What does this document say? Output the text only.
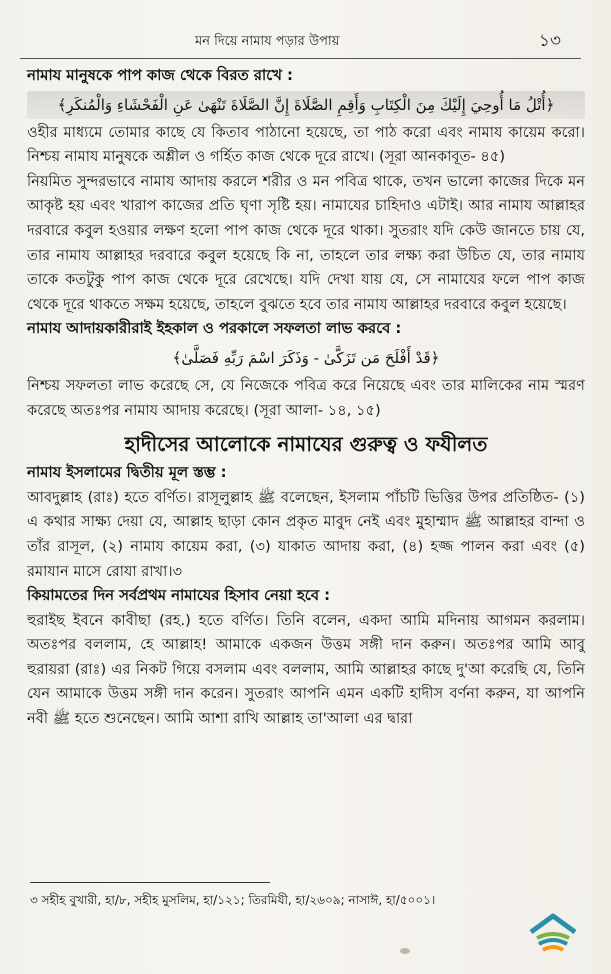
মন দিয়ে নামায পড়ার উপায়	১৩

নামায মানুষকে পাপ কাজ থেকে বিরত রাখে :

﴿أُتْلُ مَا أُوحِيَ إِلَيْكَ مِنَ الْكِتَابِ وَأَقِمِ الصَّلَاةَ إِنَّ الصَّلَاةَ تَنْهَىٰ عَنِ الْفَحْشَاءِ وَالْمُنكَرِ﴾

ওহীর মাধ্যমে তোমার কাছে যে কিতাব পাঠানো হয়েছে, তা পাঠ করো এবং নামায কায়েম করো। নিশ্চয় নামায মানুষকে অশ্লীল ও গর্হিত কাজ থেকে দূরে রাখে। (সূরা আনকাবূত- ৪৫)

নিয়মিত সুন্দরভাবে নামায আদায় করলে শরীর ও মন পবিত্র থাকে, তখন ভালো কাজের দিকে মন আকৃষ্ট হয় এবং খারাপ কাজের প্রতি ঘৃণা সৃষ্টি হয়। নামাযের চাহিদাও এটাই। আর নামায আল্লাহর দরবারে কবুল হওয়ার লক্ষণ হলো পাপ কাজ থেকে দূরে থাকা। সুতরাং যদি কেউ জানতে চায় যে, তার নামায আল্লাহর দরবারে কবুল হয়েছে কি না, তাহলে তার লক্ষ্য করা উচিত যে, তার নামায তাকে কতটুকু পাপ কাজ থেকে দূরে রেখেছে। যদি দেখা যায় যে, সে নামাযের ফলে পাপ কাজ থেকে দূরে থাকতে সক্ষম হয়েছে, তাহলে বুঝতে হবে তার নামায আল্লাহর দরবারে কবুল হয়েছে।

নামায আদায়কারীরাই ইহকাল ও পরকালে সফলতা লাভ করবে :

﴿قَدْ أَفْلَحَ مَن تَزَكَّىٰ - وَذَكَرَ اسْمَ رَبِّهِ فَصَلَّىٰ﴾

নিশ্চয় সফলতা লাভ করেছে সে, যে নিজেকে পবিত্র করে নিয়েছে এবং তার মালিকের নাম স্মরণ করেছে অতঃপর নামায আদায় করেছে। (সূরা আলা- ১৪, ১৫)

হাদীসের আলোকে নামাযের গুরুত্ব ও ফযীলত

নামায ইসলামের দ্বিতীয় মূল স্তম্ভ :

আবদুল্লাহ (রাঃ) হতে বর্ণিত। রাসূলুল্লাহ ﷺ বলেছেন, ইসলাম পাঁচটি ভিত্তির উপর প্রতিষ্ঠিত- (১) এ কথার সাক্ষ্য দেয়া যে, আল্লাহ ছাড়া কোন প্রকৃত মাবুদ নেই এবং মুহাম্মাদ ﷺ আল্লাহর বান্দা ও তাঁর রাসূল, (২) নামায কায়েম করা, (৩) যাকাত আদায় করা, (৪) হজ্জ পালন করা এবং (৫) রমাযান মাসে রোযা রাখা।৩

কিয়ামতের দিন সর্বপ্রথম নামাযের হিসাব নেয়া হবে :

হুরাইছ ইবনে কাবীছা (রহ.) হতে বর্ণিত। তিনি বলেন, একদা আমি মদিনায় আগমন করলাম। অতঃপর বললাম, হে আল্লাহ! আমাকে একজন উত্তম সঙ্গী দান করুন। অতঃপর আমি আবু হুরায়রা (রাঃ) এর নিকট গিয়ে বসলাম এবং বললাম, আমি আল্লাহর কাছে দু'আ করেছি যে, তিনি যেন আমাকে উত্তম সঙ্গী দান করেন। সুতরাং আপনি এমন একটি হাদীস বর্ণনা করুন, যা আপনি নবী ﷺ হতে শুনেছেন। আমি আশা রাখি আল্লাহ তা'আলা এর দ্বারা

৩ সহীহ বুখারী, হা/৮, সহীহ মুসলিম, হা/১২১; তিরমিযী, হা/২৬০৯; নাসাঈ, হা/৫০০১।
